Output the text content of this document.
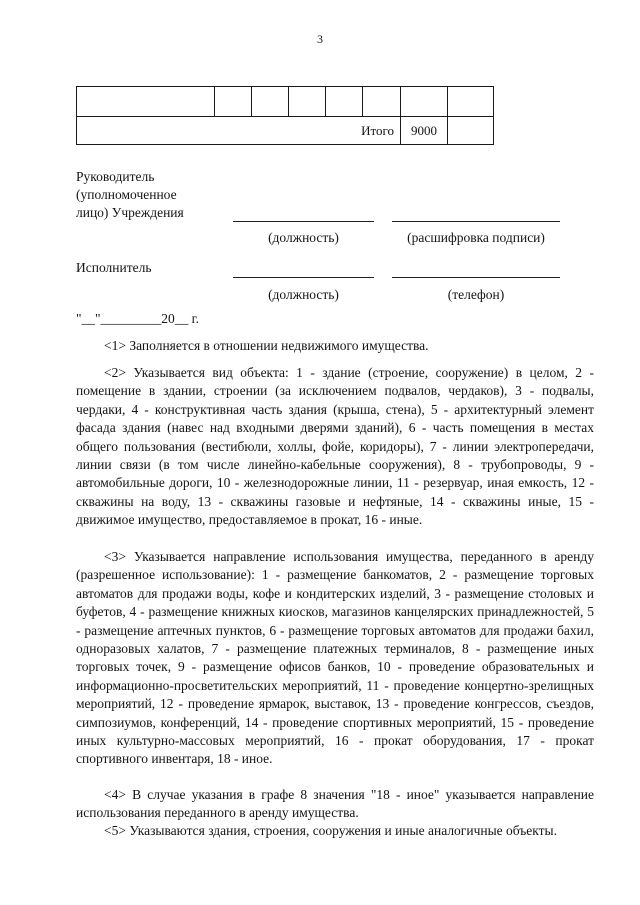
3

Итого						9000	
Руководитель
(уполномоченное
лицо) Учреждения
(должность)	(расшифровка подписи)
Исполнитель
(должность)	(телефон)
"__"_________20__ г.

<1> Заполняется в отношении недвижимого имущества.

<2> Указывается вид объекта: 1 - здание (строение, сооружение) в целом, 2 - помещение в здании, строении (за исключением подвалов, чердаков), 3 - подвалы, чердаки, 4 - конструктивная часть здания (крыша, стена), 5 - архитектурный элемент фасада здания (навес над входными дверями зданий), 6 - часть помещения в местах общего пользования (вестибюли, холлы, фойе, коридоры), 7 - линии электропередачи, линии связи (в том числе линейно-кабельные сооружения), 8 - трубопроводы, 9 - автомобильные дороги, 10 - железнодорожные линии, 11 - резервуар, иная емкость, 12 - скважины на воду, 13 - скважины газовые и нефтяные, 14 - скважины иные, 15 - движимое имущество, предоставляемое в прокат, 16 - иные.

<3> Указывается направление использования имущества, переданного в аренду (разрешенное использование): 1 - размещение банкоматов, 2 - размещение торговых автоматов для продажи воды, кофе и кондитерских изделий, 3 - размещение столовых и буфетов, 4 - размещение книжных киосков, магазинов канцелярских принадлежностей, 5 - размещение аптечных пунктов, 6 - размещение торговых автоматов для продажи бахил, одноразовых халатов, 7 - размещение платежных терминалов, 8 - размещение иных торговых точек, 9 - размещение офисов банков, 10 - проведение образовательных и информационно-просветительских мероприятий, 11 - проведение концертно-зрелищных мероприятий, 12 - проведение ярмарок, выставок, 13 - проведение конгрессов, съездов, симпозиумов, конференций, 14 - проведение спортивных мероприятий, 15 - проведение иных культурно-массовых мероприятий, 16 - прокат оборудования, 17 - прокат спортивного инвентаря, 18 - иное.

<4> В случае указания в графе 8 значения "18 - иное" указывается направление использования переданного в аренду имущества.

<5> Указываются здания, строения, сооружения и иные аналогичные объекты.
